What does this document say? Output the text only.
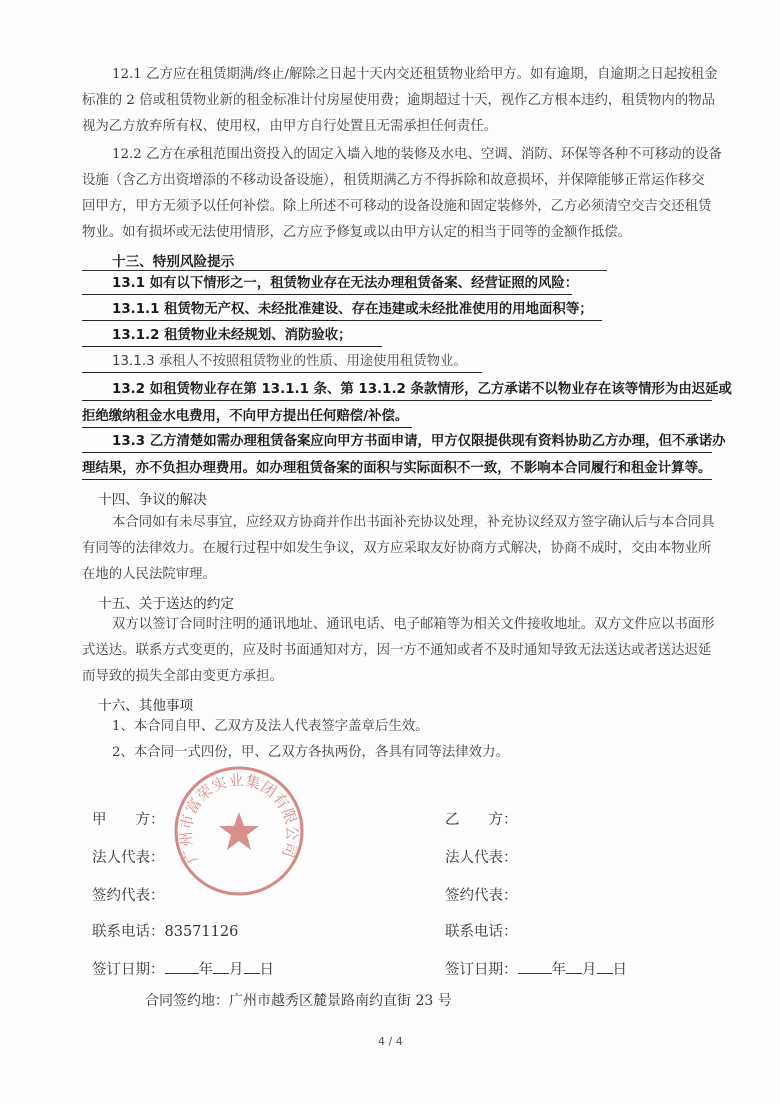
12.1 乙方应在租赁期满/终止/解除之日起十天内交还租赁物业给甲方。如有逾期，自逾期之日起按租金
标准的 2 倍或租赁物业新的租金标准计付房屋使用费；逾期超过十天，视作乙方根本违约，租赁物内的物品
视为乙方放弃所有权、使用权，由甲方自行处置且无需承担任何责任。
12.2 乙方在承租范围出资投入的固定入墙入地的装修及水电、空调、消防、环保等各种不可移动的设备
设施（含乙方出资增添的不移动设备设施），租赁期满乙方不得拆除和故意损坏，并保障能够正常运作移交
回甲方，甲方无须予以任何补偿。除上所述不可移动的设备设施和固定装修外，乙方必须清空交吉交还租赁
物业。如有损坏或无法使用情形，乙方应予修复或以由甲方认定的相当于同等的金额作抵偿。
十三、特别风险提示
13.1 如有以下情形之一，租赁物业存在无法办理租赁备案、经营证照的风险：
13.1.1 租赁物无产权、未经批准建设、存在违建或未经批准使用的用地面积等；
13.1.2 租赁物业未经规划、消防验收；
13.1.3 承租人不按照租赁物业的性质、用途使用租赁物业。
13.2 如租赁物业存在第 13.1.1 条、第 13.1.2 条款情形，乙方承诺不以物业存在该等情形为由迟延或
拒绝缴纳租金水电费用，不向甲方提出任何赔偿/补偿。
13.3 乙方清楚如需办理租赁备案应向甲方书面申请，甲方仅限提供现有资料协助乙方办理，但不承诺办
理结果，亦不负担办理费用。如办理租赁备案的面积与实际面积不一致，不影响本合同履行和租金计算等。
十四、争议的解决
本合同如有未尽事宜，应经双方协商并作出书面补充协议处理，补充协议经双方签字确认后与本合同具
有同等的法律效力。在履行过程中如发生争议，双方应采取友好协商方式解决，协商不成时，交由本物业所
在地的人民法院审理。
十五、关于送达的约定
双方以签订合同时注明的通讯地址、通讯电话、电子邮箱等为相关文件接收地址。双方文件应以书面形
式送达。联系方式变更的，应及时书面通知对方，因一方不通知或者不及时通知导致无法送达或者送达迟延
而导致的损失全部由变更方承担。
十六、其他事项
1、本合同自甲、乙双方及法人代表签字盖章后生效。
2、本合同一式四份，甲、乙双方各执两份，各具有同等法律效力。
广州市富荣实业集团有限公司
甲　　方：	乙　　方：
法人代表：	法人代表：
签约代表：	签约代表：
联系电话：83571126	联系电话：
签订日期： 年 月 日	签订日期： 年 月 日
合同签约地：广州市越秀区麓景路南约直街 23 号
4 / 4
